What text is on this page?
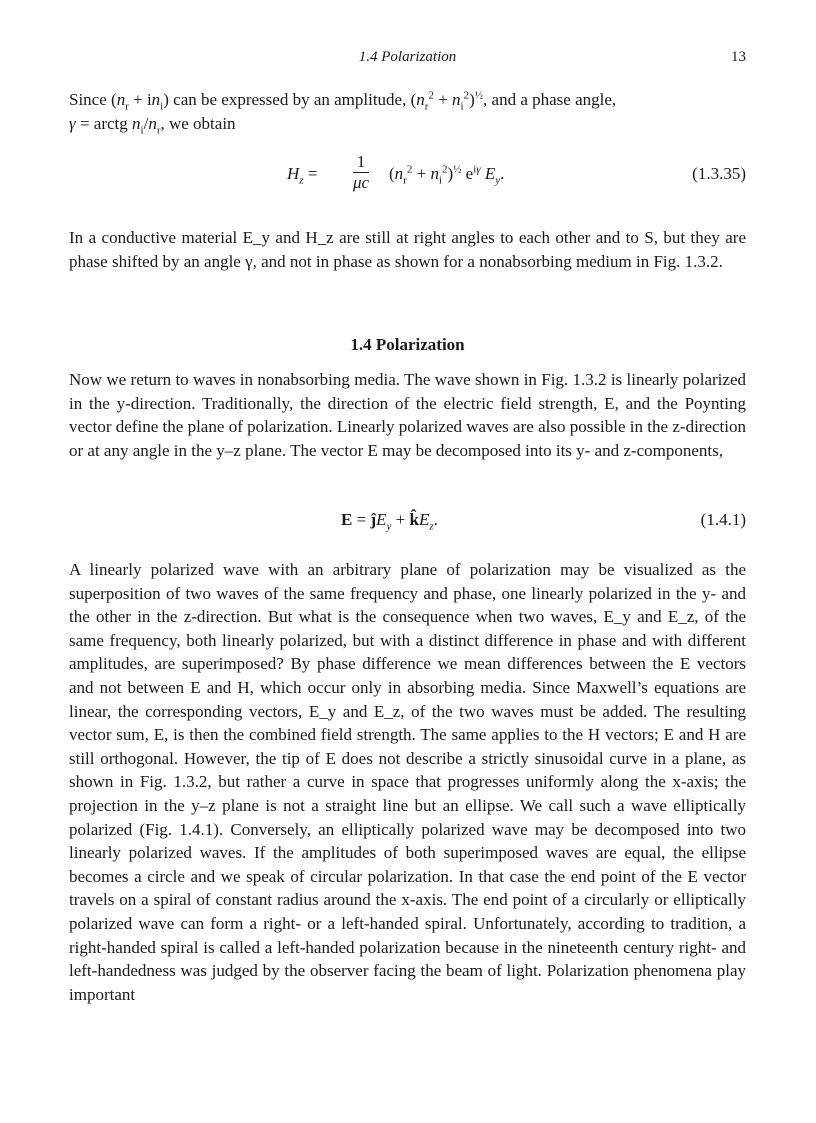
1.4 Polarization	13

Since $(n_r + in_i)$ can be expressed by an amplitude, $(n_r^2 + n_i^2)^{\frac{1}{2}}$, and a phase angle,

γ = arctg $n_i/n_r$, we obtain

$H_z = \frac{1}{\mu c} (n_r^2 + n_i^2)^{\frac{1}{2}}$ $e^{i\gamma}$ $E_y$.	(1.3.35)

In a conductive material E_y and H_z are still at right angles to each other and to S, but they are phase shifted by an angle γ, and not in phase as shown for a nonabsorbing medium in Fig. 1.3.2.

1.4 Polarization

Now we return to waves in nonabsorbing media. The wave shown in Fig. 1.3.2 is linearly polarized in the y-direction. Traditionally, the direction of the electric field strength, E, and the Poynting vector define the plane of polarization. Linearly polarized waves are also possible in the z-direction or at any angle in the y–z plane. The vector E may be decomposed into its y- and z-components,

$E = ĵE_y$ + $k̂E_z$.	(1.4.1)

A linearly polarized wave with an arbitrary plane of polarization may be visualized as the superposition of two waves of the same frequency and phase, one linearly polarized in the y- and the other in the z-direction. But what is the consequence when two waves, E_y and E_z, of the same frequency, both linearly polarized, but with a distinct difference in phase and with different amplitudes, are superimposed? By phase difference we mean differences between the E vectors and not between E and H, which occur only in absorbing media. Since Maxwell’s equations are linear, the corresponding vectors, E_y and E_z, of the two waves must be added. The resulting vector sum, E, is then the combined field strength. The same applies to the H vectors; E and H are still orthogonal. However, the tip of E does not describe a strictly sinusoidal curve in a plane, as shown in Fig. 1.3.2, but rather a curve in space that progresses uniformly along the x-axis; the projection in the y–z plane is not a straight line but an ellipse. We call such a wave elliptically polarized (Fig. 1.4.1). Conversely, an elliptically polarized wave may be decomposed into two linearly polarized waves. If the amplitudes of both superimposed waves are equal, the ellipse becomes a circle and we speak of circular polarization. In that case the end point of the E vector travels on a spiral of constant radius around the x-axis. The end point of a circularly or elliptically polarized wave can form a right- or a left-handed spiral. Unfortunately, according to tradition, a right-handed spiral is called a left-handed polarization because in the nineteenth century right- and left-handedness was judged by the observer facing the beam of light. Polarization phenomena play important
